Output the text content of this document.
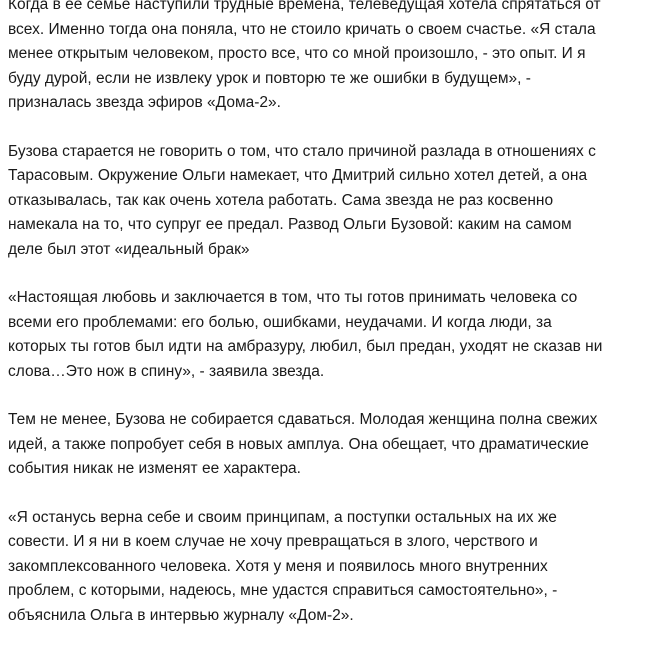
Когда в ее семье наступили трудные времена, телеведущая хотела спрятаться от
всех. Именно тогда она поняла, что не стоило кричать о своем счастье. «Я стала
менее открытым человеком, просто все, что со мной произошло, - это опыт. И я
буду дурой, если не извлеку урок и повторю те же ошибки в будущем», -
призналась звезда эфиров «Дома-2».

Бузова старается не говорить о том, что стало причиной разлада в отношениях с
Тарасовым. Окружение Ольги намекает, что Дмитрий сильно хотел детей, а она
отказывалась, так как очень хотела работать. Сама звезда не раз косвенно
намекала на то, что супруг ее предал. Развод Ольги Бузовой: каким на самом
деле был этот «идеальный брак»

«Настоящая любовь и заключается в том, что ты готов принимать человека со
всеми его проблемами: его болью, ошибками, неудачами. И когда люди, за
которых ты готов был идти на амбразуру, любил, был предан, уходят не сказав ни
слова…Это нож в спину», - заявила звезда.

Тем не менее, Бузова не собирается сдаваться. Молодая женщина полна свежих
идей, а также попробует себя в новых амплуа. Она обещает, что драматические
события никак не изменят ее характера.

«Я останусь верна себе и своим принципам, а поступки остальных на их же
совести. И я ни в коем случае не хочу превращаться в злого, черствого и
закомплексованного человека. Хотя у меня и появилось много внутренних
проблем, с которыми, надеюсь, мне удастся справиться самостоятельно», -
объяснила Ольга в интервью журналу «Дом-2».
